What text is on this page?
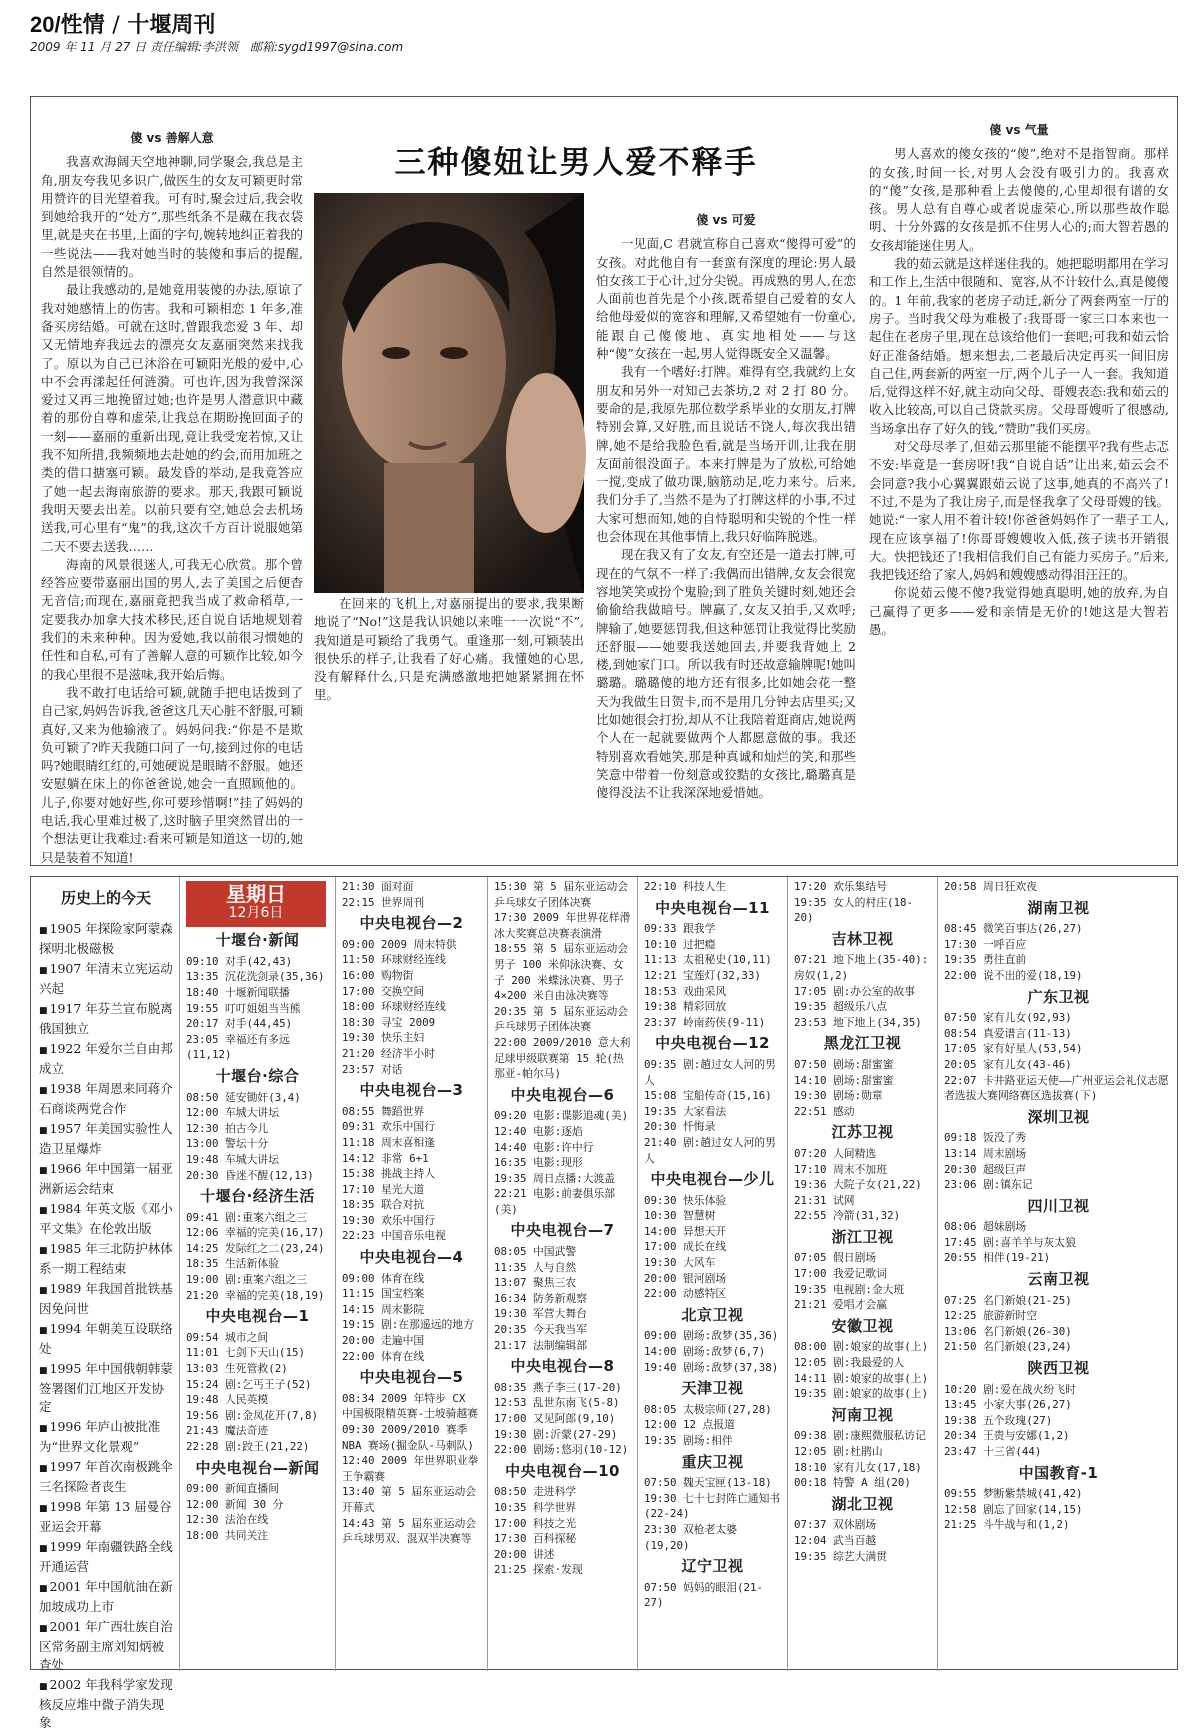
20/性情 / 十堰周刊
2009 年 11 月 27 日 责任编辑:李洪领　邮箱:sygd1997@sina.com
傻 vs 善解人意

我喜欢海阔天空地神聊,同学聚会,我总是主角,朋友夸我见多识广,做医生的女友可颖更时常用赞许的目光望着我。可有时,聚会过后,我会收到她给我开的“处方”,那些纸条不是藏在我衣袋里,就是夹在书里,上面的字句,婉转地纠正着我的一些说法——我对她当时的装傻和事后的提醒,自然是很领情的。

最让我感动的,是她竟用装傻的办法,原谅了我对她感情上的伤害。我和可颖相恋 1 年多,准备买房结婚。可就在这时,曾跟我恋爱 3 年、却又无情地弃我远去的漂亮女友嘉丽突然来找我了。原以为自己已沐浴在可颖阳光般的爱中,心中不会再漾起任何涟漪。可也许,因为我曾深深爱过又再三地挽留过她;也许是男人潜意识中藏着的那份自尊和虚荣,让我总在期盼挽回面子的一刻——嘉丽的重新出现,竟让我受宠若惊,又让我不知所措,我频频地去赴她的约会,而用加班之类的借口搪塞可颖。最发昏的举动,是我竟答应了她一起去海南旅游的要求。那天,我跟可颖说我明天要去出差。以前只要有空,她总会去机场送我,可心里有“鬼”的我,这次千方百计说服她第二天不要去送我……

海南的风景很迷人,可我无心欣赏。那个曾经答应要带嘉丽出国的男人,去了美国之后便杳无音信;而现在,嘉丽竟把我当成了救命稻草,一定要我办加拿大技术移民,还自说自话地规划着我们的未来种种。因为爱她,我以前很习惯她的任性和自私,可有了善解人意的可颖作比较,如今的我心里很不是滋味,我开始后悔。

我不敢打电话给可颖,就随手把电话拨到了自己家,妈妈告诉我,爸爸这几天心脏不舒服,可颖真好,又来为他输液了。妈妈问我:“你是不是欺负可颖了?昨天我随口问了一句,接到过你的电话吗?她眼睛红红的,可她硬说是眼睛不舒服。她还安慰躺在床上的你爸爸说,她会一直照顾他的。儿子,你要对她好些,你可要珍惜啊!”挂了妈妈的电话,我心里难过极了,这时脑子里突然冒出的一个想法更让我难过:看来可颖是知道这一切的,她只是装着不知道!

三种傻妞让男人爱不释手

在回来的飞机上,对嘉丽提出的要求,我果断地说了“No!”这是我认识她以来唯一一次说“不”,我知道是可颖给了我勇气。重逢那一刻,可颖装出很快乐的样子,让我看了好心痛。我懂她的心思,没有解释什么,只是充满感激地把她紧紧拥在怀里。

傻 vs 可爱

一见面,C 君就宣称自己喜欢“傻得可爱”的女孩。对此他自有一套蛮有深度的理论:男人最怕女孩工于心计,过分尖锐。再成熟的男人,在恋人面前也首先是个小孩,既希望自己爱着的女人给他母爱似的宽容和理解,又希望她有一份童心,能跟自己傻傻地、真实地相处——与这种“傻”女孩在一起,男人觉得既安全又温馨。

我有一个嗜好:打牌。难得有空,我就约上女朋友和另外一对知己去茶坊,2 对 2 打 80 分。要命的是,我原先那位数学系毕业的女朋友,打牌特别会算,又好胜,而且说话不饶人,每次我出错牌,她不是给我脸色看,就是当场开训,让我在朋友面前很没面子。本来打牌是为了放松,可给她一搅,变成了做功课,脑筋动足,吃力来兮。后来,我们分手了,当然不是为了打牌这样的小事,不过大家可想而知,她的自恃聪明和尖锐的个性一样也会体现在其他事情上,我只好临阵脱逃。

现在我又有了女友,有空还是一道去打牌,可现在的气氛不一样了:我偶而出错牌,女友会很宽容地笑笑或扮个鬼脸;到了胜负关键时刻,她还会偷偷给我做暗号。牌赢了,女友又拍手,又欢呼;牌输了,她要惩罚我,但这种惩罚让我觉得比奖励还舒服——她要我送她回去,并要我背她上 2 楼,到她家门口。所以我有时还故意输牌呢!她叫璐璐。璐璐傻的地方还有很多,比如她会花一整天为我做生日贺卡,而不是用几分钟去店里买;又比如她很会打扮,却从不让我陪着逛商店,她说两个人在一起就要做两个人都愿意做的事。我还特别喜欢看她笑,那是种真诚和灿烂的笑,和那些笑意中带着一份刻意或狡黠的女孩比,璐璐真是傻得没法不让我深深地爱惜她。

傻 vs 气量

男人喜欢的傻女孩的“傻”,绝对不是指智商。那样的女孩,时间一长,对男人会没有吸引力的。我喜欢的“傻”女孩,是那种看上去傻傻的,心里却很有谱的女孩。男人总有自尊心或者说虚荣心,所以那些故作聪明、十分外露的女孩是抓不住男人心的;而大智若愚的女孩却能迷住男人。

我的茹云就是这样迷住我的。她把聪明都用在学习和工作上,生活中很随和、宽容,从不计较什么,真是傻傻的。1 年前,我家的老房子动迁,新分了两套两室一厅的房子。当时我父母为难极了:我哥哥一家三口本来也一起住在老房子里,现在总该给他们一套吧;可我和茹云恰好正准备结婚。想来想去,二老最后决定再买一间旧房自己住,两套新的两室一厅,两个儿子一人一套。我知道后,觉得这样不好,就主动向父母、哥嫂表态:我和茹云的收入比较高,可以自己贷款买房。父母哥嫂听了很感动,当场拿出存了好久的钱,“赞助”我们买房。

对父母尽孝了,但茹云那里能不能摆平?我有些忐忑不安:毕竟是一套房呀!我“自说自话”让出来,茹云会不会同意?我小心翼翼跟茹云说了这事,她真的不高兴了!不过,不是为了我让房子,而是怪我拿了父母哥嫂的钱。她说:“一家人用不着计较!你爸爸妈妈作了一辈子工人,现在应该享福了!你哥哥嫂嫂收入低,孩子读书开销很大。快把钱还了!我相信我们自己有能力买房子。”后来,我把钱还给了家人,妈妈和嫂嫂感动得泪汪汪的。

你说茹云傻不傻?我觉得她真聪明,她的放弃,为自己赢得了更多——爱和亲情是无价的!她这是大智若愚。

历史上的今天
■ 1905 年探险家阿蒙森探明北极磁极
■ 1907 年清末立宪运动兴起
■ 1917 年芬兰宣布脱离俄国独立
■ 1922 年爱尔兰自由邦成立
■ 1938 年周恩来同蒋介石商谈两党合作
■ 1957 年美国实验性人造卫星爆炸
■ 1966 年中国第一届亚洲新运会结束
■ 1984 年英文版《邓小平文集》在伦敦出版
■ 1985 年三北防护林体系一期工程结束
■ 1989 年我国首批铁基因免问世
■ 1994 年朝美互设联络处
■ 1995 年中国俄朝韩蒙签署图们江地区开发协定
■ 1996 年庐山被批准为“世界文化景观”
■ 1997 年首次南极跳伞三名探险者丧生
■ 1998 年第 13 届曼谷亚运会开幕
■ 1999 年南疆铁路全线开通运营
■ 2001 年中国航油在新加坡成功上市
■ 2001 年广西壮族自治区常务副主席刘知炳被查处
■ 2002 年我科学家发现核反应堆中微子消失现象
星期日
12月6日
十堰台·新闻
09:10 对手(42,43)
13:35 沉花洗剑录(35,36)
18:40 十堰新闻联播
19:55 叮叮姐姐当当熊
20:17 对手(44,45)
23:05 幸福还有多远(11,12)
十堰台·综合
08:50 延安锄奸(3,4)
12:00 车城大讲坛
12:30 拍古今儿
13:00 警坛十分
19:48 车城大讲坛
20:30 昏迷不醒(12,13)
十堰台·经济生活
09:41 剧:重案六组之三
12:06 幸福的完美(16,17)
14:25 发际红之二(23,24)
18:35 生活新体验
19:00 剧:重案六组之三
21:20 幸福的完美(18,19)
中央电视台—1
09:54 城市之间
11:01 七剑下天山(15)
13:03 生死管救(2)
15:24 剧:乞丐王子(52)
19:48 人民英模
19:56 剧:金凤花开(7,8)
21:43 魔法奇迹
22:28 剧:跤王(21,22)
中央电视台—新闻
09:00 新闻直播间
12:00 新闻 30 分
12:30 法治在线
18:00 共同关注
21:30 面对面
22:15 世界周刊
中央电视台—2
09:00 2009 周末特供
11:50 环球财经连线
16:00 购物街
17:00 交换空间
18:00 环球财经连线
18:30 寻宝 2009
19:30 快乐主妇
21:20 经济半小时
23:57 对话
中央电视台—3
08:55 舞蹈世界
09:31 欢乐中国行
11:18 周末喜相逢
14:12 非常 6+1
15:38 挑战主持人
17:10 星光大道
18:35 联合对抗
19:30 欢乐中国行
22:23 中国音乐电视
中央电视台—4
09:00 体育在线
11:15 国宝档案
14:15 周末影院
19:15 剧:在那遥远的地方
20:00 走遍中国
22:00 体育在线
中央电视台—5
08:34 2009 年特步 CX 中国极限精英赛-土坡骑越赛
09:30 2009/2010 赛季 NBA 赛场(掘金队-马刺队)
12:40 2009 年世界职业拳王争霸赛
13:40 第 5 届东亚运动会开幕式
14:43 第 5 届东亚运动会乒乓球男双、混双半决赛等
15:30 第 5 届东亚运动会乒乓球女子团体决赛
17:30 2009 年世界花样滑冰大奖赛总决赛表演滑
18:55 第 5 届东亚运动会男子 100 米仰泳决赛、女子 200 米蝶泳决赛、男子 4×200 米自由泳决赛等
20:35 第 5 届东亚运动会乒乓球男子团体决赛
22:00 2009/2010 意大利足球甲级联赛第 15 轮(热那亚-帕尔马)
中央电视台—6
09:20 电影:谍影追魂(美)
12:40 电影:逐焰
14:40 电影:许中行
16:35 电影:现形
19:35 周日点播:大渡盖
22:21 电影:前妻俱乐部(美)
中央电视台—7
08:05 中国武警
11:35 人与自然
13:07 聚焦三农
16:34 防务新观察
19:30 军营大舞台
20:35 今天我当军
21:17 法制编辑部
中央电视台—8
08:35 燕子李三(17-20)
12:53 乱世东南飞(5-8)
17:00 又见阿郎(9,10)
19:30 剧:沂蒙(27-29)
22:00 剧场:悠羽(10-12)
中央电视台—10
08:50 走进科学
10:35 科学世界
17:00 科技之光
17:30 百科探秘
20:00 讲述
21:25 探索·发现
22:10 科技人生
中央电视台—11
09:33 跟我学
10:10 过把瘾
11:13 太祖秘史(10,11)
12:21 宝莲灯(32,33)
18:53 戏曲采风
19:38 精彩回放
23:37 岭南药侠(9-11)
中央电视台—12
09:35 剧:趟过女人河的男人
15:08 宝船传奇(15,16)
19:35 大家看法
20:30 忏悔录
21:40 剧:趟过女人河的男人
中央电视台—少儿
09:30 快乐体验
10:30 智慧树
14:00 异想天开
17:00 成长在线
19:30 大风车
20:00 银河剧场
22:00 动感特区
北京卫视
09:00 剧场:敌梦(35,36)
14:00 剧场:敌梦(6,7)
19:40 剧场:敌梦(37,38)
天津卫视
08:05 太极宗师(27,28)
12:00 12 点报道
19:35 剧场:相伴
重庆卫视
07:50 魏天宝匣(13-18)
19:30 七十七封阵亡通知书(22-24)
23:30 双枪老太婆(19,20)
辽宁卫视
07:50 妈妈的眼泪(21-27)
17:20 欢乐集结号
19:35 女人的村庄(18-20)
吉林卫视
07:21 地下地上(35-40):房奴(1,2)
17:05 剧:办公室的故事
19:35 超级乐八点
23:53 地下地上(34,35)
黑龙江卫视
07:50 剧场:甜蜜蜜
14:10 剧场:甜蜜蜜
19:30 剧场:勋章
22:51 感动
江苏卫视
07:20 人间精选
17:10 周末不加班
19:36 大院子女(21,22)
21:31 试网
22:55 冷箭(31,32)
浙江卫视
07:05 假日剧场
17:00 我爱记歌词
19:35 电视剧:金大班
21:21 爱唱才会赢
安徽卫视
08:00 剧:娘家的故事(上)
12:05 剧:我最爱的人
14:11 剧:娘家的故事(上)
19:35 剧:娘家的故事(上)
河南卫视
09:38 剧:康熙微服私访记
12:05 剧:杜鹃山
18:10 家有儿女(17,18)
00:18 特警 A 组(20)
湖北卫视
07:37 双休剧场
12:04 武当百越
19:35 综艺大满贯
20:58 周日狂欢夜
湖南卫视
08:45 微笑百事达(26,27)
17:30 一呼百应
19:35 勇往直前
22:00 说不出的爱(18,19)
广东卫视
07:50 家有儿女(92,93)
08:54 真爱谱言(11-13)
17:05 家有好星人(53,54)
20:05 家有儿女(43-46)
22:07 卡井路亚运天使——广州亚运会礼仪志愿者选拔大赛网络赛区选拔赛(下)
深圳卫视
09:18 饭没了秀
13:14 周末剧场
20:30 超级巨声
23:06 剧:镇东记
四川卫视
08:06 超妹剧场
17:45 剧:喜羊羊与灰太狼
20:55 相伴(19-21)
云南卫视
07:25 名门新娘(21-25)
12:25 旅游新时空
13:06 名门新娘(26-30)
21:50 名门新娘(23,24)
陕西卫视
10:20 剧:爱在战火纷飞时
13:45 小家大事(26,27)
19:38 五个玫瑰(27)
20:34 王贵与安娜(1,2)
23:47 十三省(44)
中国教育-1
09:55 梦断紫禁城(41,42)
12:58 剧忘了回家(14,15)
21:25 斗牛战与和(1,2)
